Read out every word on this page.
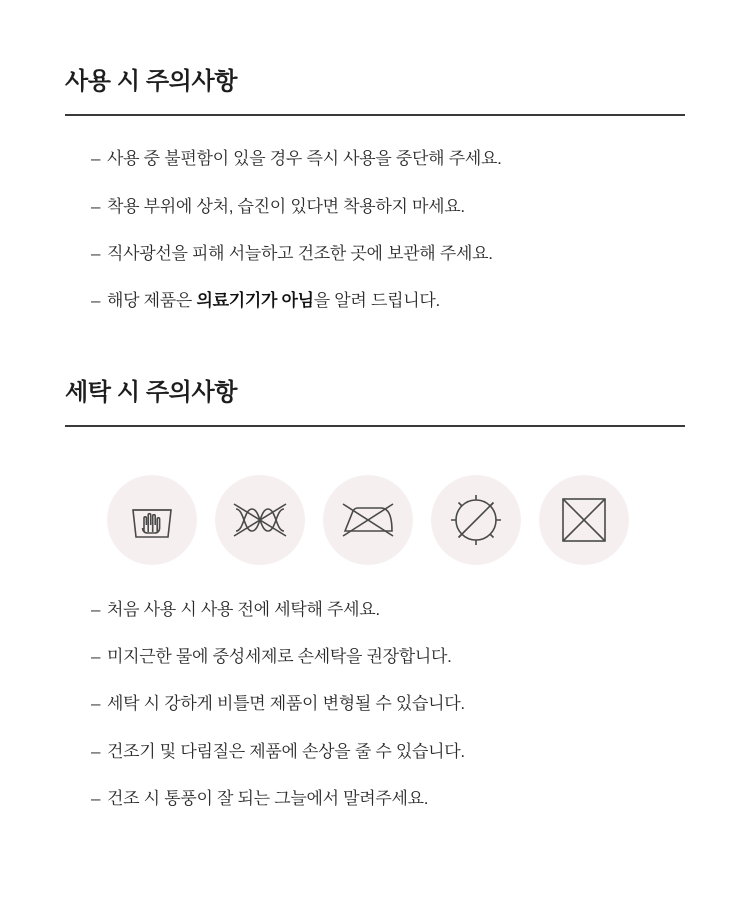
사용 시 주의사항
– 사용 중 불편함이 있을 경우 즉시 사용을 중단해 주세요.
– 착용 부위에 상처, 습진이 있다면 착용하지 마세요.
– 직사광선을 피해 서늘하고 건조한 곳에 보관해 주세요.
– 해당 제품은 의료기기가 아님을 알려 드립니다.
세탁 시 주의사항
– 처음 사용 시 사용 전에 세탁해 주세요.
– 미지근한 물에 중성세제로 손세탁을 권장합니다.
– 세탁 시 강하게 비틀면 제품이 변형될 수 있습니다.
– 건조기 및 다림질은 제품에 손상을 줄 수 있습니다.
– 건조 시 통풍이 잘 되는 그늘에서 말려주세요.
